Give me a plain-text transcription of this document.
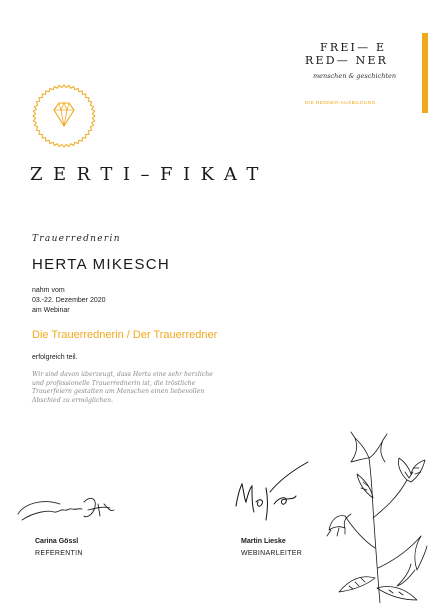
FREI— E
RED— NER
menschen & geschichten
DIE REDNER-AUSBILDUNG
ZERTI–FIKAT
Trauerrednerin
HERTA MIKESCH
nahm vom
03.-22. Dezember 2020
am Webinar
Die Trauerrednerin / Der Trauerredner
erfolgreich teil.
Wir sind davon überzeugt, dass Herta eine sehr herzliche
und professionelle Trauerrednerin ist, die tröstliche
Trauerfeiern gestalten um Menschen einen liebevollen
Abschied zu ermöglichen.
Carina Gössl
REFERENTIN
Martin Lieske
WEBINARLEITER
